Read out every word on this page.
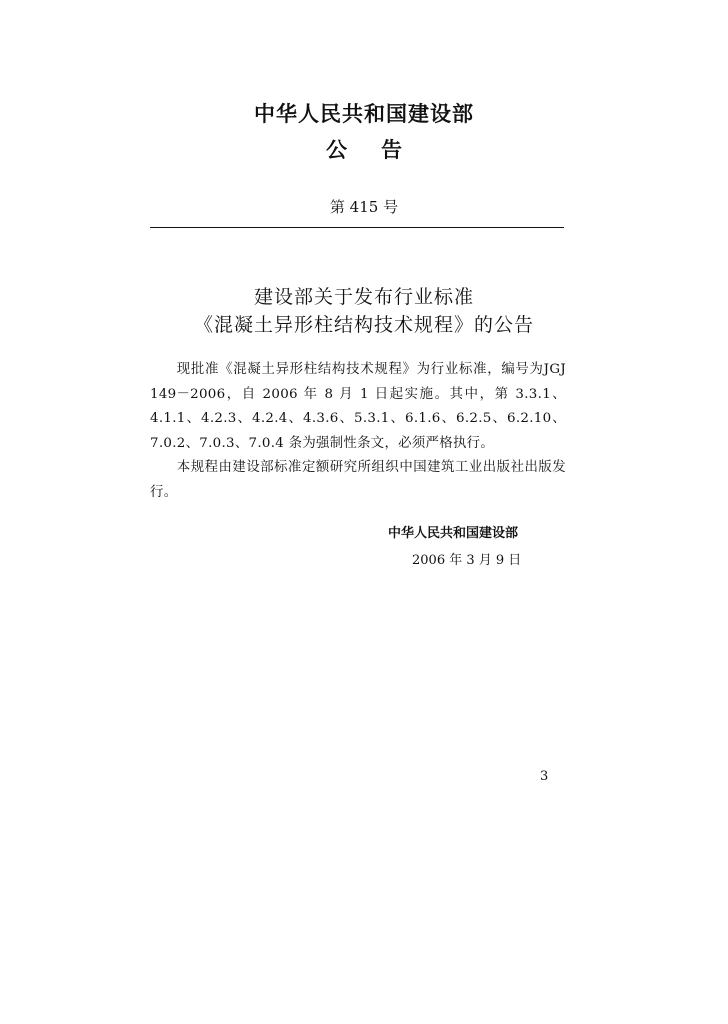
中华人民共和国建设部
公告
第 415 号
建设部关于发布行业标准
《混凝土异形柱结构技术规程》的公告

现批准《混凝土异形柱结构技术规程》为行业标准，编号为JGJ 149－2006，自 2006 年 8 月 1 日起实施。其中，第 3.3.1、4.1.1、4.2.3、4.2.4、4.3.6、5.3.1、6.1.6、6.2.5、6.2.10、7.0.2、7.0.3、7.0.4 条为强制性条文，必须严格执行。

本规程由建设部标准定额研究所组织中国建筑工业出版社出版发行。

中华人民共和国建设部
2006 年 3 月 9 日
3
